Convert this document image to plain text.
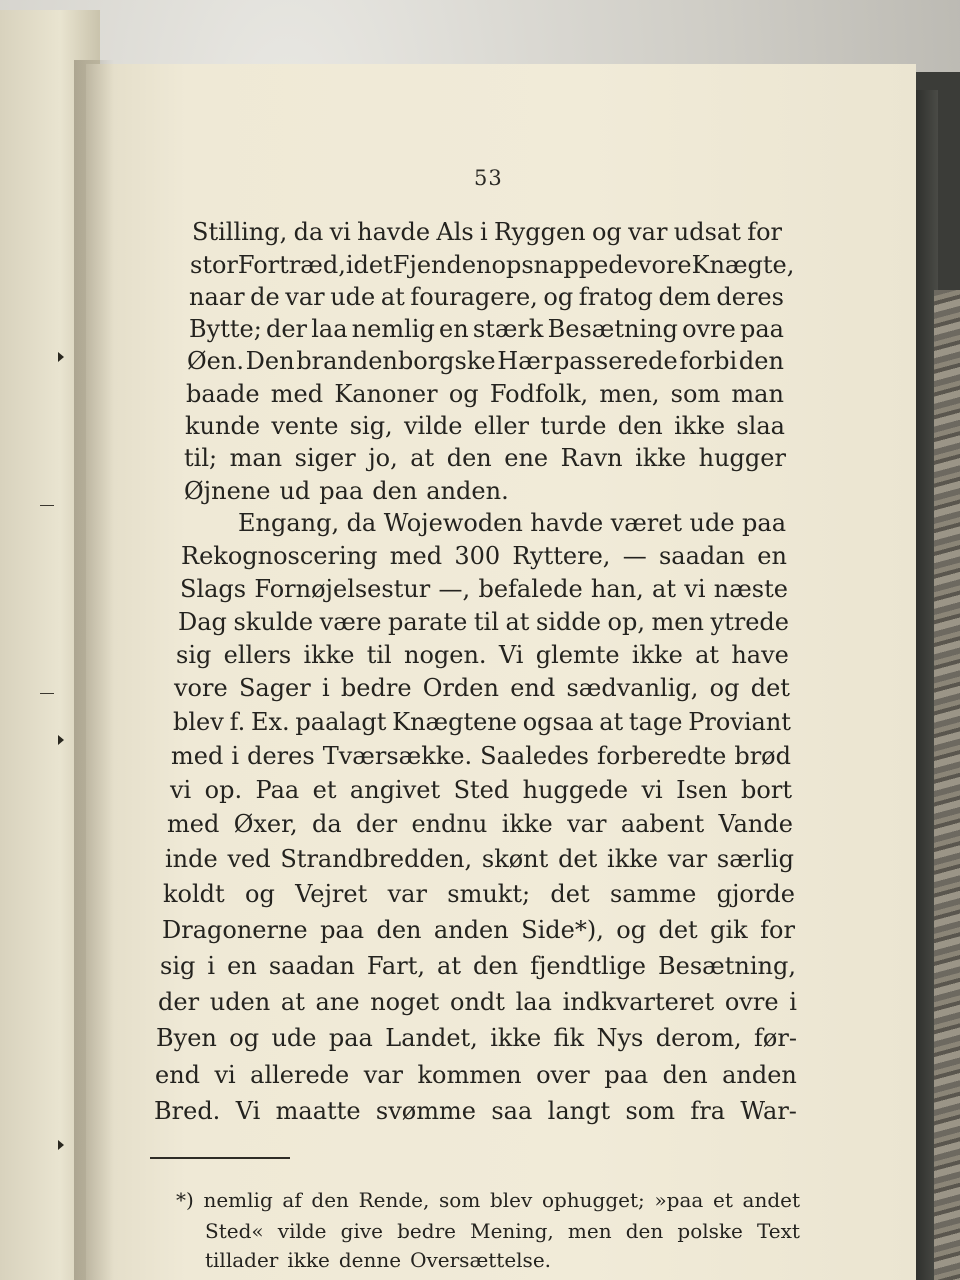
53
Stilling, da vi havde Als i Ryggen og var udsat for
stor Fortræd, idet Fjenden opsnappede vore Knægte,
naar de var ude at fouragere, og fratog dem deres
Bytte; der laa nemlig en stærk Besætning ovre paa
Øen. Den brandenborgske Hær passerede forbi den
baade med Kanoner og Fodfolk, men, som man
kunde vente sig, vilde eller turde den ikke slaa
til; man siger jo, at den ene Ravn ikke hugger
Øjnene ud paa den anden.
Engang, da Wojewoden havde været ude paa
Rekognoscering med 300 Ryttere, — saadan en
Slags Fornøjelsestur —, befalede han, at vi næste
Dag skulde være parate til at sidde op, men ytrede
sig ellers ikke til nogen. Vi glemte ikke at have
vore Sager i bedre Orden end sædvanlig, og det
blev f. Ex. paalagt Knægtene ogsaa at tage Proviant
med i deres Tværsække. Saaledes forberedte brød
vi op. Paa et angivet Sted huggede vi Isen bort
med Øxer, da der endnu ikke var aabent Vande
inde ved Strandbredden, skønt det ikke var særlig
koldt og Vejret var smukt; det samme gjorde
Dragonerne paa den anden Side*), og det gik for
sig i en saadan Fart, at den fjendtlige Besætning,
der uden at ane noget ondt laa indkvarteret ovre i
Byen og ude paa Landet, ikke fik Nys derom, før-
end vi allerede var kommen over paa den anden
Bred. Vi maatte svømme saa langt som fra War-
*) nemlig af den Rende, som blev ophugget; »paa et andet
Sted« vilde give bedre Mening, men den polske Text
tillader ikke denne Oversættelse.
